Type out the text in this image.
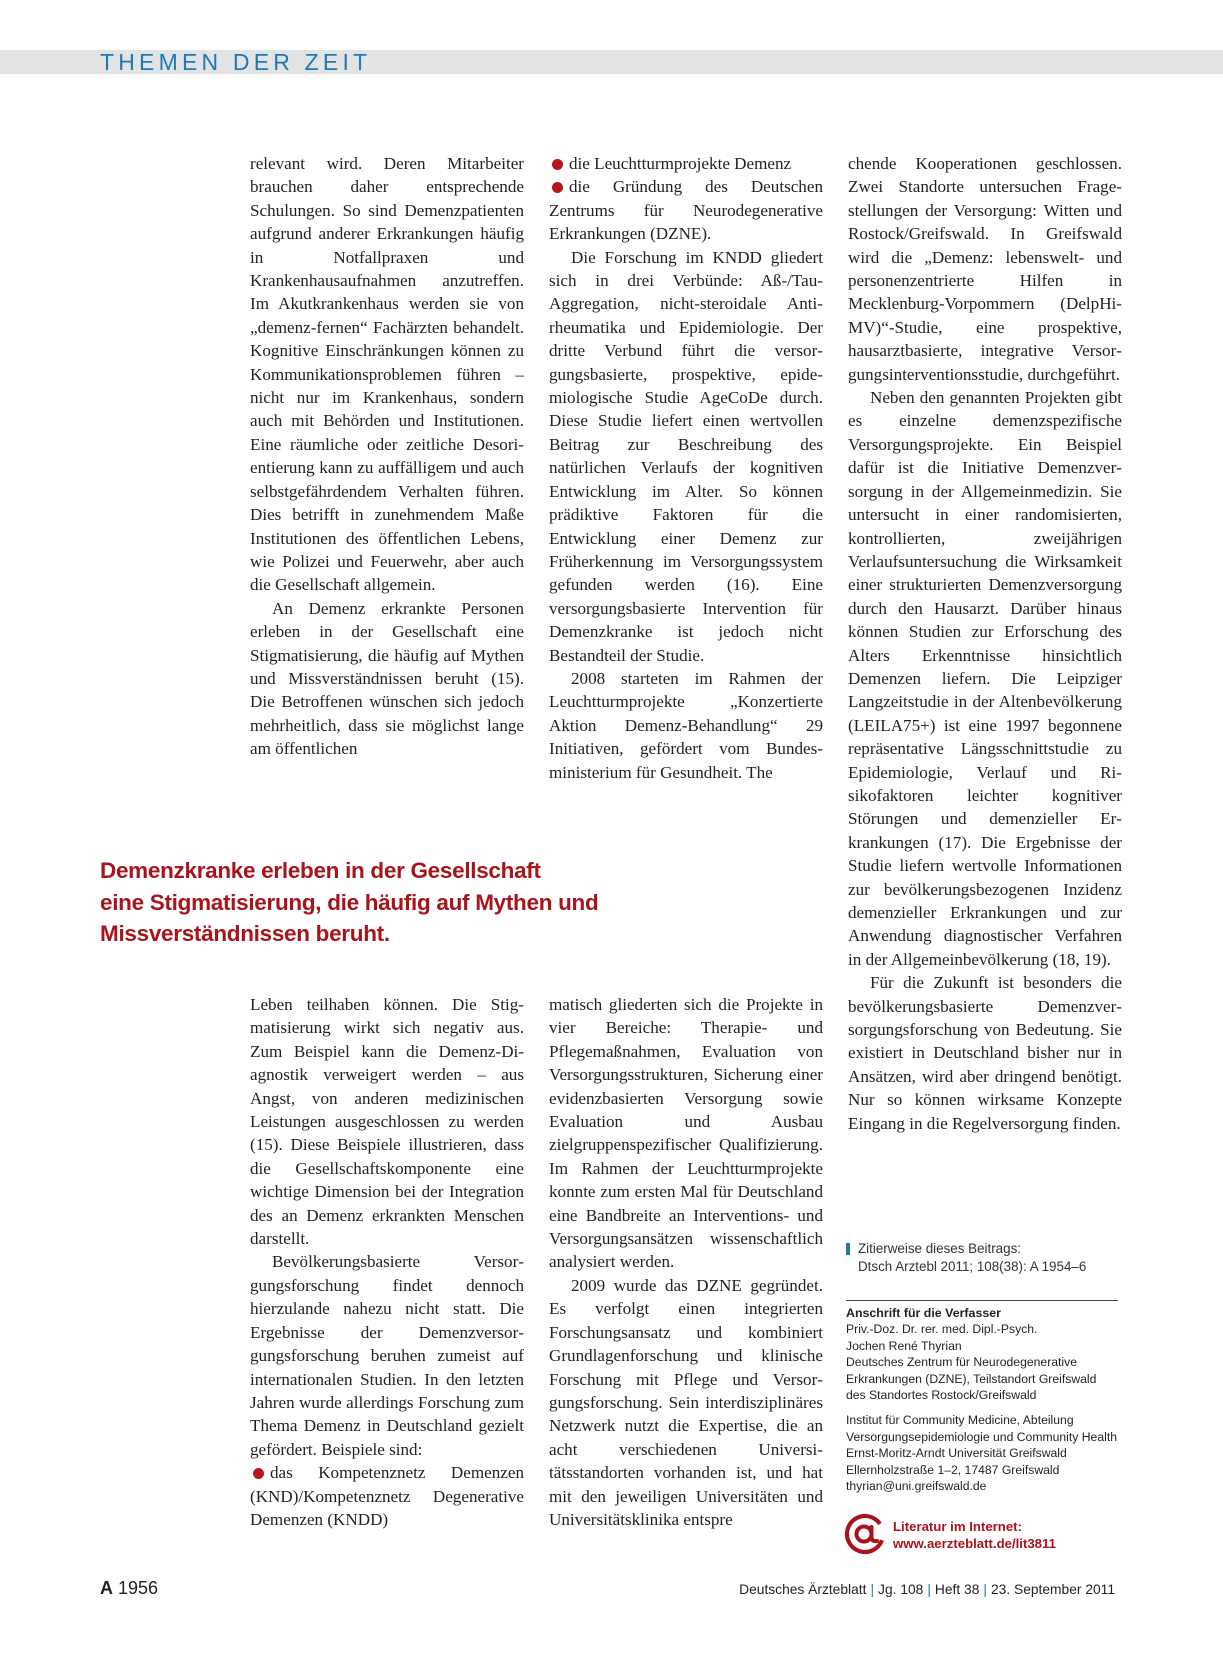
THEMEN DER ZEIT

relevant wird. Deren Mitarbeiter brauchen daher entsprechende Schulungen. So sind Demenzpatienten aufgrund anderer Erkrankungen häufig in Notfallpraxen und Krankenhausaufnahmen anzutreffen. Im Akutkrankenhaus werden sie von „demenz-fernen“ Fachärzten behandelt. Kognitive Einschränkungen können zu Kommunikationsproblemen führen – nicht nur im Krankenhaus, sondern auch mit Behörden und Institutionen. Eine räumliche oder zeitliche Desorientierung kann zu auffälligem und auch selbstgefährdendem Verhalten führen. Dies betrifft in zunehmendem Maße Institutionen des öffentlichen Lebens, wie Polizei und Feuerwehr, aber auch die Gesellschaft allgemein.

An Demenz erkrankte Personen erleben in der Gesellschaft eine Stigmatisierung, die häufig auf Mythen und Missverständnissen beruht (15). Die Betroffenen wünschen sich jedoch mehrheitlich, dass sie möglichst lange am öffentlichen

die Leuchtturmprojekte Demenz

die Gründung des Deutschen Zentrums für Neurodegenerative Erkrankungen (DZNE).

Die Forschung im KNDD gliedert sich in drei Verbünde: Aß-/Tau-Aggregation, nicht-steroidale Antirheumatika und Epidemiologie. Der dritte Verbund führt die versorgungsbasierte, prospektive, epidemiologische Studie AgeCoDe durch. Diese Studie liefert einen wertvollen Beitrag zur Beschreibung des natürlichen Verlaufs der kognitiven Entwicklung im Alter. So können prädiktive Faktoren für die Entwicklung einer Demenz zur Früherkennung im Versorgungssystem gefunden werden (16). Eine versorgungsbasierte Intervention für Demenzkranke ist jedoch nicht Bestandteil der Studie.

2008 starteten im Rahmen der Leuchtturmprojekte „Konzertierte Aktion Demenz-Behandlung“ 29 Initiativen, gefördert vom Bundesministerium für Gesundheit. The

chende Kooperationen geschlossen. Zwei Standorte untersuchen Fragestellungen der Versorgung: Witten und Rostock/Greifswald. In Greifswald wird die „Demenz: lebenswelt- und personenzentrierte Hilfen in Mecklenburg-Vorpommern (DelpHi-MV)“-Studie, eine prospektive, hausarztbasierte, integrative Versorgungsinterventionsstudie, durchgeführt.

Neben den genannten Projekten gibt es einzelne demenzspezifische Versorgungsprojekte. Ein Beispiel dafür ist die Initiative Demenzversorgung in der Allgemeinmedizin. Sie untersucht in einer randomisierten, kontrollierten, zweijährigen Verlaufsuntersuchung die Wirksamkeit einer strukturierten Demenzversorgung durch den Hausarzt. Darüber hinaus können Studien zur Erforschung des Alters Erkenntnisse hinsichtlich Demenzen liefern. Die Leipziger Langzeitstudie in der Altenbevölkerung (LEILA75+) ist eine 1997 begonnene repräsentative Längsschnittstudie zu Epidemiologie, Verlauf und Risikofaktoren leichter kognitiver Störungen und demenzieller Erkrankungen (17). Die Ergebnisse der Studie liefern wertvolle Informationen zur bevölkerungsbezogenen Inzidenz demenzieller Erkrankungen und zur Anwendung diagnostischer Verfahren in der Allgemeinbevölkerung (18, 19).

Für die Zukunft ist besonders die bevölkerungsbasierte Demenzversorgungsforschung von Bedeutung. Sie existiert in Deutschland bisher nur in Ansätzen, wird aber dringend benötigt. Nur so können wirksame Konzepte Eingang in die Regelversorgung finden.

Demenzkranke erleben in der Gesellschaft
eine Stigmatisierung, die häufig auf Mythen und
Missverständnissen beruht.

Leben teilhaben können. Die Stigmatisierung wirkt sich negativ aus. Zum Beispiel kann die Demenz-Diagnostik verweigert werden – aus Angst, von anderen medizinischen Leistungen ausgeschlossen zu werden (15). Diese Beispiele illustrieren, dass die Gesellschaftskomponente eine wichtige Dimension bei der Integration des an Demenz erkrankten Menschen darstellt.

Bevölkerungsbasierte Versorgungsforschung findet dennoch hierzulande nahezu nicht statt. Die Ergebnisse der Demenzversorgungsforschung beruhen zumeist auf internationalen Studien. In den letzten Jahren wurde allerdings Forschung zum Thema Demenz in Deutschland gezielt gefördert. Beispiele sind:

das Kompetenznetz Demenzen (KND)/Kompetenznetz Degenerative Demenzen (KNDD)

matisch gliederten sich die Projekte in vier Bereiche: Therapie- und Pflegemaßnahmen, Evaluation von Versorgungsstrukturen, Sicherung einer evidenzbasierten Versorgung sowie Evaluation und Ausbau zielgruppenspezifischer Qualifizierung. Im Rahmen der Leuchtturmprojekte konnte zum ersten Mal für Deutschland eine Bandbreite an Interventions- und Versorgungsansätzen wissenschaftlich analysiert werden.

2009 wurde das DZNE gegründet. Es verfolgt einen integrierten Forschungsansatz und kombiniert Grundlagenforschung und klinische Forschung mit Pflege und Versorgungsforschung. Sein interdisziplinäres Netzwerk nutzt die Expertise, die an acht verschiedenen Universitätsstandorten vorhanden ist, und hat mit den jeweiligen Universitäten und Universitätsklinika entspre

Zitierweise dieses Beitrags:
Dtsch Arztebl 2011; 108(38): A 1954–6
Anschrift für die Verfasser
Priv.-Doz. Dr. rer. med. Dipl.-Psych.
Jochen René Thyrian
Deutsches Zentrum für Neurodegenerative
Erkrankungen (DZNE), Teilstandort Greifswald
des Standortes Rostock/Greifswald
Institut für Community Medicine, Abteilung
Versorgungsepidemiologie und Community Health
Ernst-Moritz-Arndt Universität Greifswald
Ellernholzstraße 1–2, 17487 Greifswald
thyrian@uni.greifswald.de
Literatur im Internet:
www.aerzteblatt.de/lit3811
A 1956	Deutsches Ärzteblatt | Jg. 108 | Heft 38 | 23. September 2011
